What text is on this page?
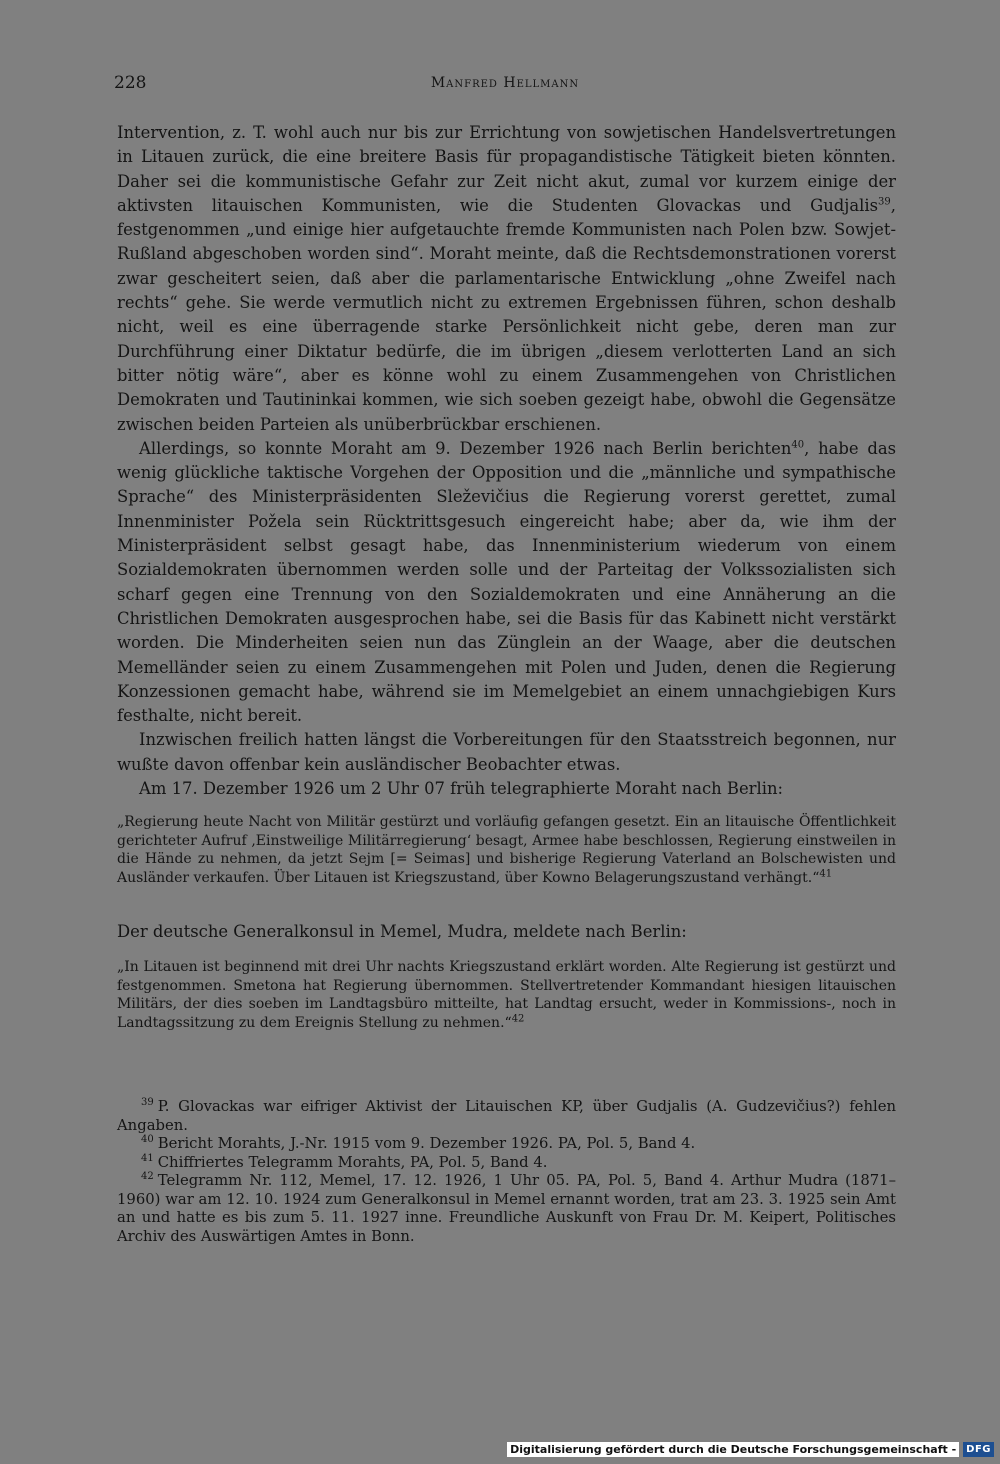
228	Manfred Hellmann

Intervention, z. T. wohl auch nur bis zur Errichtung von sowjetischen Handelsvertretungen in Litauen zurück, die eine breitere Basis für propagandistische Tätigkeit bieten könnten. Daher sei die kommunistische Gefahr zur Zeit nicht akut, zumal vor kurzem einige der aktivsten litauischen Kommunisten, wie die Studenten Glovackas und Gudjalis$^{39}$, festgenommen „und einige hier aufgetauchte fremde Kommunisten nach Polen bzw. Sowjet-Rußland abgeschoben worden sind“. Moraht meinte, daß die Rechtsdemonstrationen vorerst zwar gescheitert seien, daß aber die parlamentarische Entwicklung „ohne Zweifel nach rechts“ gehe. Sie werde vermutlich nicht zu extremen Ergebnissen führen, schon deshalb nicht, weil es eine überragende starke Persönlichkeit nicht gebe, deren man zur Durchführung einer Diktatur bedürfe, die im übrigen „diesem verlotterten Land an sich bitter nötig wäre“, aber es könne wohl zu einem Zusammengehen von Christlichen Demokraten und Tautininkai kommen, wie sich soeben gezeigt habe, obwohl die Gegensätze zwischen beiden Parteien als unüberbrückbar erschienen.

Allerdings, so konnte Moraht am 9. Dezember 1926 nach Berlin berichten$^{40}$, habe das wenig glückliche taktische Vorgehen der Opposition und die „männliche und sympathische Sprache“ des Ministerpräsidenten Sleževičius die Regierung vorerst gerettet, zumal Innenminister Požela sein Rücktrittsgesuch eingereicht habe; aber da, wie ihm der Ministerpräsident selbst gesagt habe, das Innenministerium wiederum von einem Sozialdemokraten übernommen werden solle und der Parteitag der Volkssozialisten sich scharf gegen eine Trennung von den Sozialdemokraten und eine Annäherung an die Christlichen Demokraten ausgesprochen habe, sei die Basis für das Kabinett nicht verstärkt worden. Die Minderheiten seien nun das Zünglein an der Waage, aber die deutschen Memelländer seien zu einem Zusammengehen mit Polen und Juden, denen die Regierung Konzessionen gemacht habe, während sie im Memelgebiet an einem unnachgiebigen Kurs festhalte, nicht bereit.

Inzwischen freilich hatten längst die Vorbereitungen für den Staatsstreich begonnen, nur wußte davon offenbar kein ausländischer Beobachter etwas.

Am 17. Dezember 1926 um 2 Uhr 07 früh telegraphierte Moraht nach Berlin:

„Regierung heute Nacht von Militär gestürzt und vorläufig gefangen gesetzt. Ein an litauische Öffentlichkeit gerichteter Aufruf ‚Einstweilige Militärregierung‘ besagt, Armee habe beschlossen, Regierung einstweilen in die Hände zu nehmen, da jetzt Sejm [= Seimas] und bisherige Regierung Vaterland an Bolschewisten und Ausländer verkaufen. Über Litauen ist Kriegszustand, über Kowno Belagerungszustand verhängt.“$^{41}$

Der deutsche Generalkonsul in Memel, Mudra, meldete nach Berlin:

„In Litauen ist beginnend mit drei Uhr nachts Kriegszustand erklärt worden. Alte Regierung ist gestürzt und festgenommen. Smetona hat Regierung übernommen. Stellvertretender Kommandant hiesigen litauischen Militärs, der dies soeben im Landtagsbüro mitteilte, hat Landtag ersucht, weder in Kommissions-, noch in Landtagssitzung zu dem Ereignis Stellung zu nehmen.“$^{42}$

$^{39}$ P. Glovackas war eifriger Aktivist der Litauischen KP, über Gudjalis (A. Gudzevičius?) fehlen Angaben.

$^{40}$ Bericht Morahts, J.-Nr. 1915 vom 9. Dezember 1926. PA, Pol. 5, Band 4.

$^{41}$ Chiffriertes Telegramm Morahts, PA, Pol. 5, Band 4.

$^{42}$ Telegramm Nr. 112, Memel, 17. 12. 1926, 1 Uhr 05. PA, Pol. 5, Band 4. Arthur Mudra (1871–1960) war am 12. 10. 1924 zum Generalkonsul in Memel ernannt worden, trat am 23. 3. 1925 sein Amt an und hatte es bis zum 5. 11. 1927 inne. Freundliche Auskunft von Frau Dr. M. Keipert, Politisches Archiv des Auswärtigen Amtes in Bonn.

Digitalisierung gefördert durch die Deutsche Forschungsgemeinschaft -	DFG
